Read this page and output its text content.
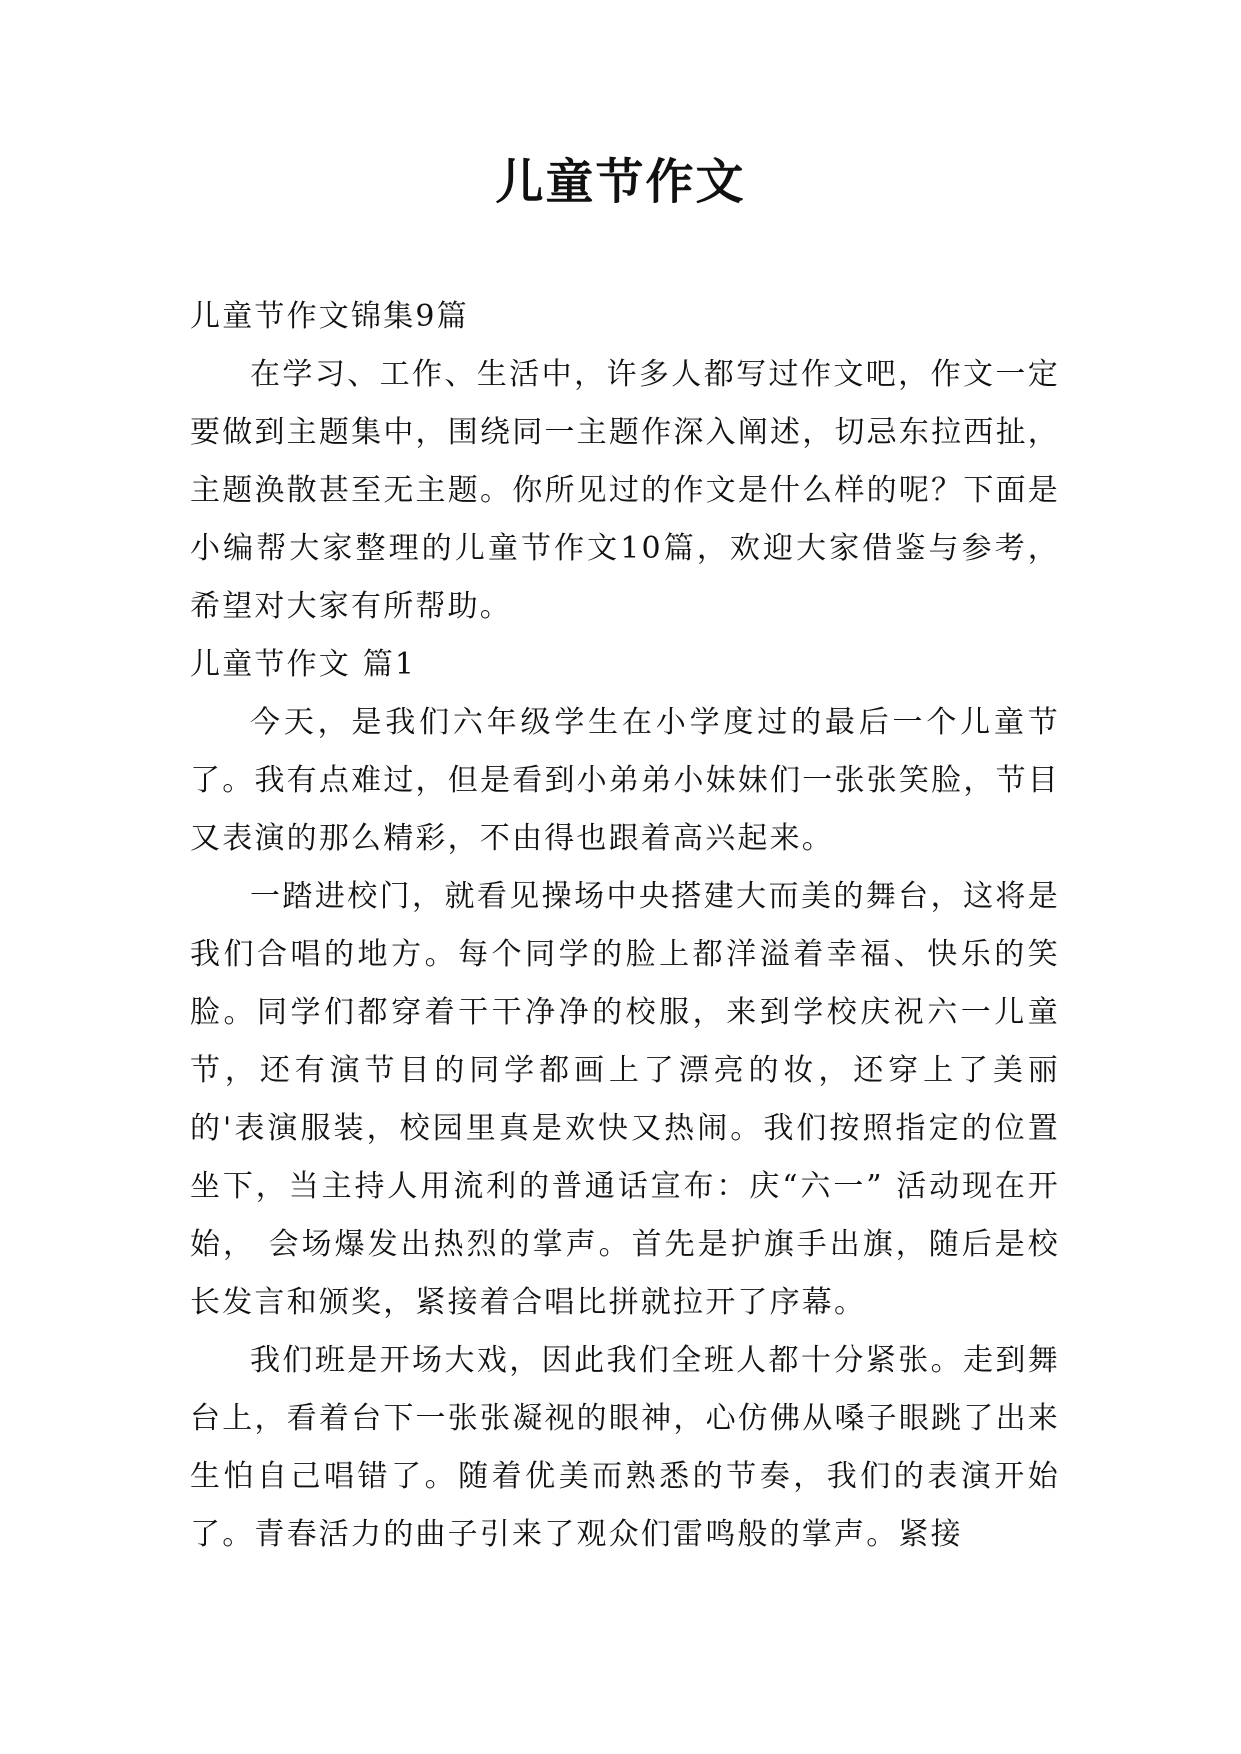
儿童节作文

儿童节作文锦集9篇

在学习、工作、生活中，许多人都写过作文吧，作文一定要做到主题集中，围绕同一主题作深入阐述，切忌东拉西扯，主题涣散甚至无主题。你所见过的作文是什么样的呢？下面是小编帮大家整理的儿童节作文10篇，欢迎大家借鉴与参考，希望对大家有所帮助。

儿童节作文 篇1

今天，是我们六年级学生在小学度过的最后一个儿童节了。我有点难过，但是看到小弟弟小妹妹们一张张笑脸，节目又表演的那么精彩，不由得也跟着高兴起来。

一踏进校门，就看见操场中央搭建大而美的舞台，这将是我们合唱的地方。每个同学的脸上都洋溢着幸福、快乐的笑脸。同学们都穿着干干净净的校服，来到学校庆祝六一儿童节，还有演节目的同学都画上了漂亮的妆，还穿上了美丽的'表演服装，校园里真是欢快又热闹。我们按照指定的位置坐下，当主持人用流利的普通话宣布：庆“六一” 活动现在开始， 会场爆发出热烈的掌声。首先是护旗手出旗，随后是校长发言和颁奖，紧接着合唱比拼就拉开了序幕。

我们班是开场大戏，因此我们全班人都十分紧张。走到舞台上，看着台下一张张凝视的眼神，心仿佛从嗓子眼跳了出来生怕自己唱错了。随着优美而熟悉的节奏，我们的表演开始了。青春活力的曲子引来了观众们雷鸣般的掌声。紧接
